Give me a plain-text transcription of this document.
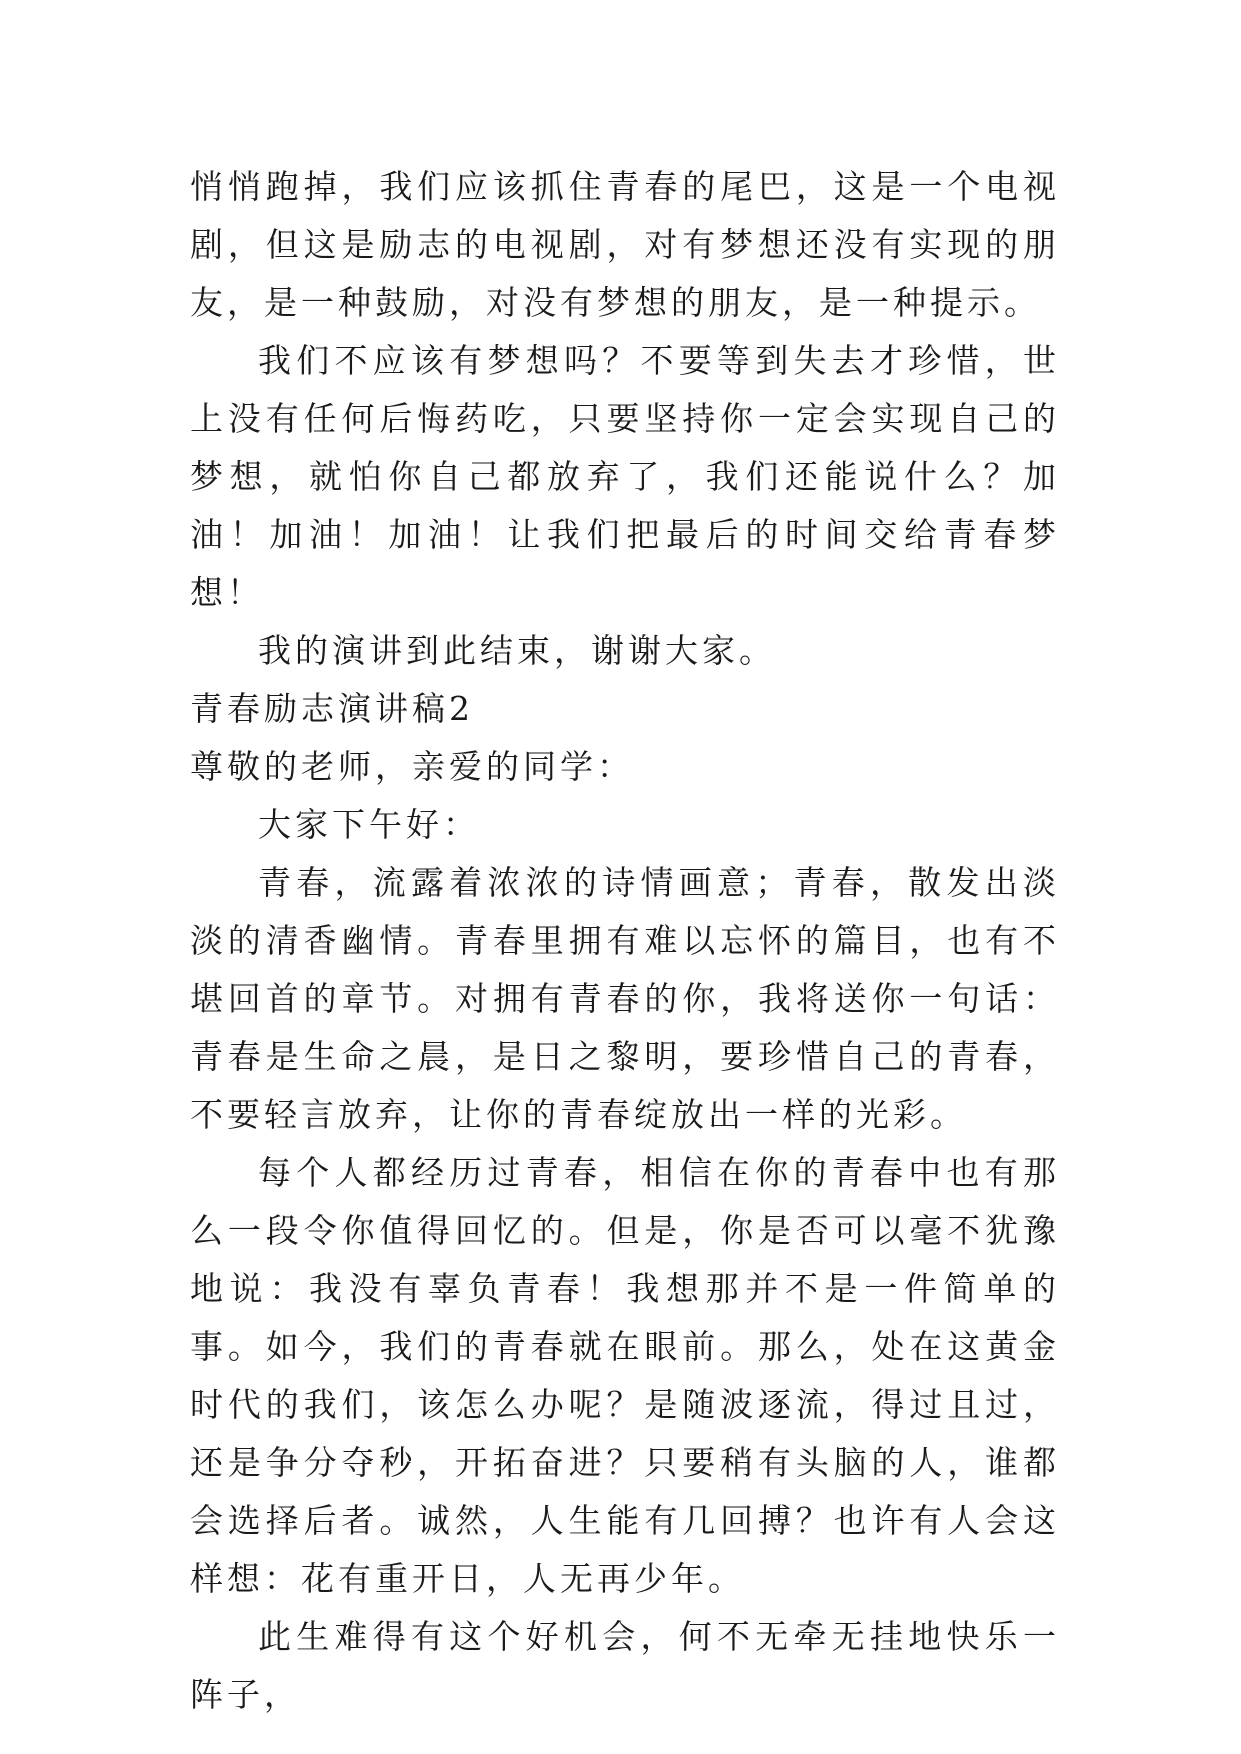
悄悄跑掉，我们应该抓住青春的尾巴，这是一个电视剧，但这是励志的电视剧，对有梦想还没有实现的朋友，是一种鼓励，对没有梦想的朋友，是一种提示。

我们不应该有梦想吗？不要等到失去才珍惜，世上没有任何后悔药吃，只要坚持你一定会实现自己的梦想，就怕你自己都放弃了，我们还能说什么？加油！加油！加油！让我们把最后的时间交给青春梦想！

我的演讲到此结束，谢谢大家。

青春励志演讲稿2

尊敬的老师，亲爱的同学：

大家下午好：

青春，流露着浓浓的诗情画意；青春，散发出淡淡的清香幽情。青春里拥有难以忘怀的篇目，也有不堪回首的章节。对拥有青春的你，我将送你一句话：青春是生命之晨，是日之黎明，要珍惜自己的青春，不要轻言放弃，让你的青春绽放出一样的光彩。

每个人都经历过青春，相信在你的青春中也有那么一段令你值得回忆的。但是，你是否可以毫不犹豫地说：我没有辜负青春！我想那并不是一件简单的事。如今，我们的青春就在眼前。那么，处在这黄金时代的我们，该怎么办呢？是随波逐流，得过且过，还是争分夺秒，开拓奋进？只要稍有头脑的人，谁都会选择后者。诚然，人生能有几回搏？也许有人会这样想：花有重开日，人无再少年。

此生难得有这个好机会，何不无牵无挂地快乐一阵子，
